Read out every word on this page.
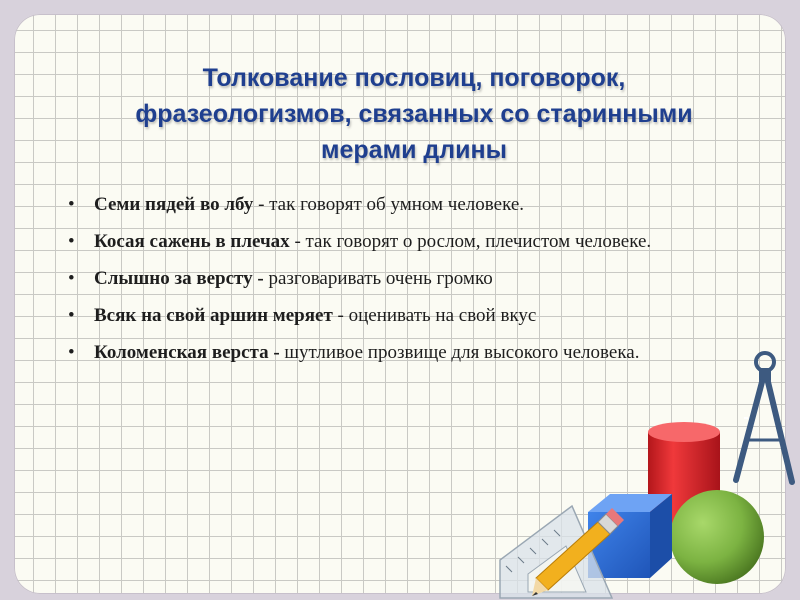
Толкование пословиц, поговорок,
фразеологизмов, связанных со старинными
мерами длины
• Семи пядей во лбу - так говорят об умном человеке.
• Косая сажень в плечах - так говорят о рослом, плечистом человеке.
• Слышно за версту - разговаривать очень громко
• Всяк на свой аршин меряет - оценивать на свой вкус
• Коломенская верста - шутливое прозвище для высокого человека.
